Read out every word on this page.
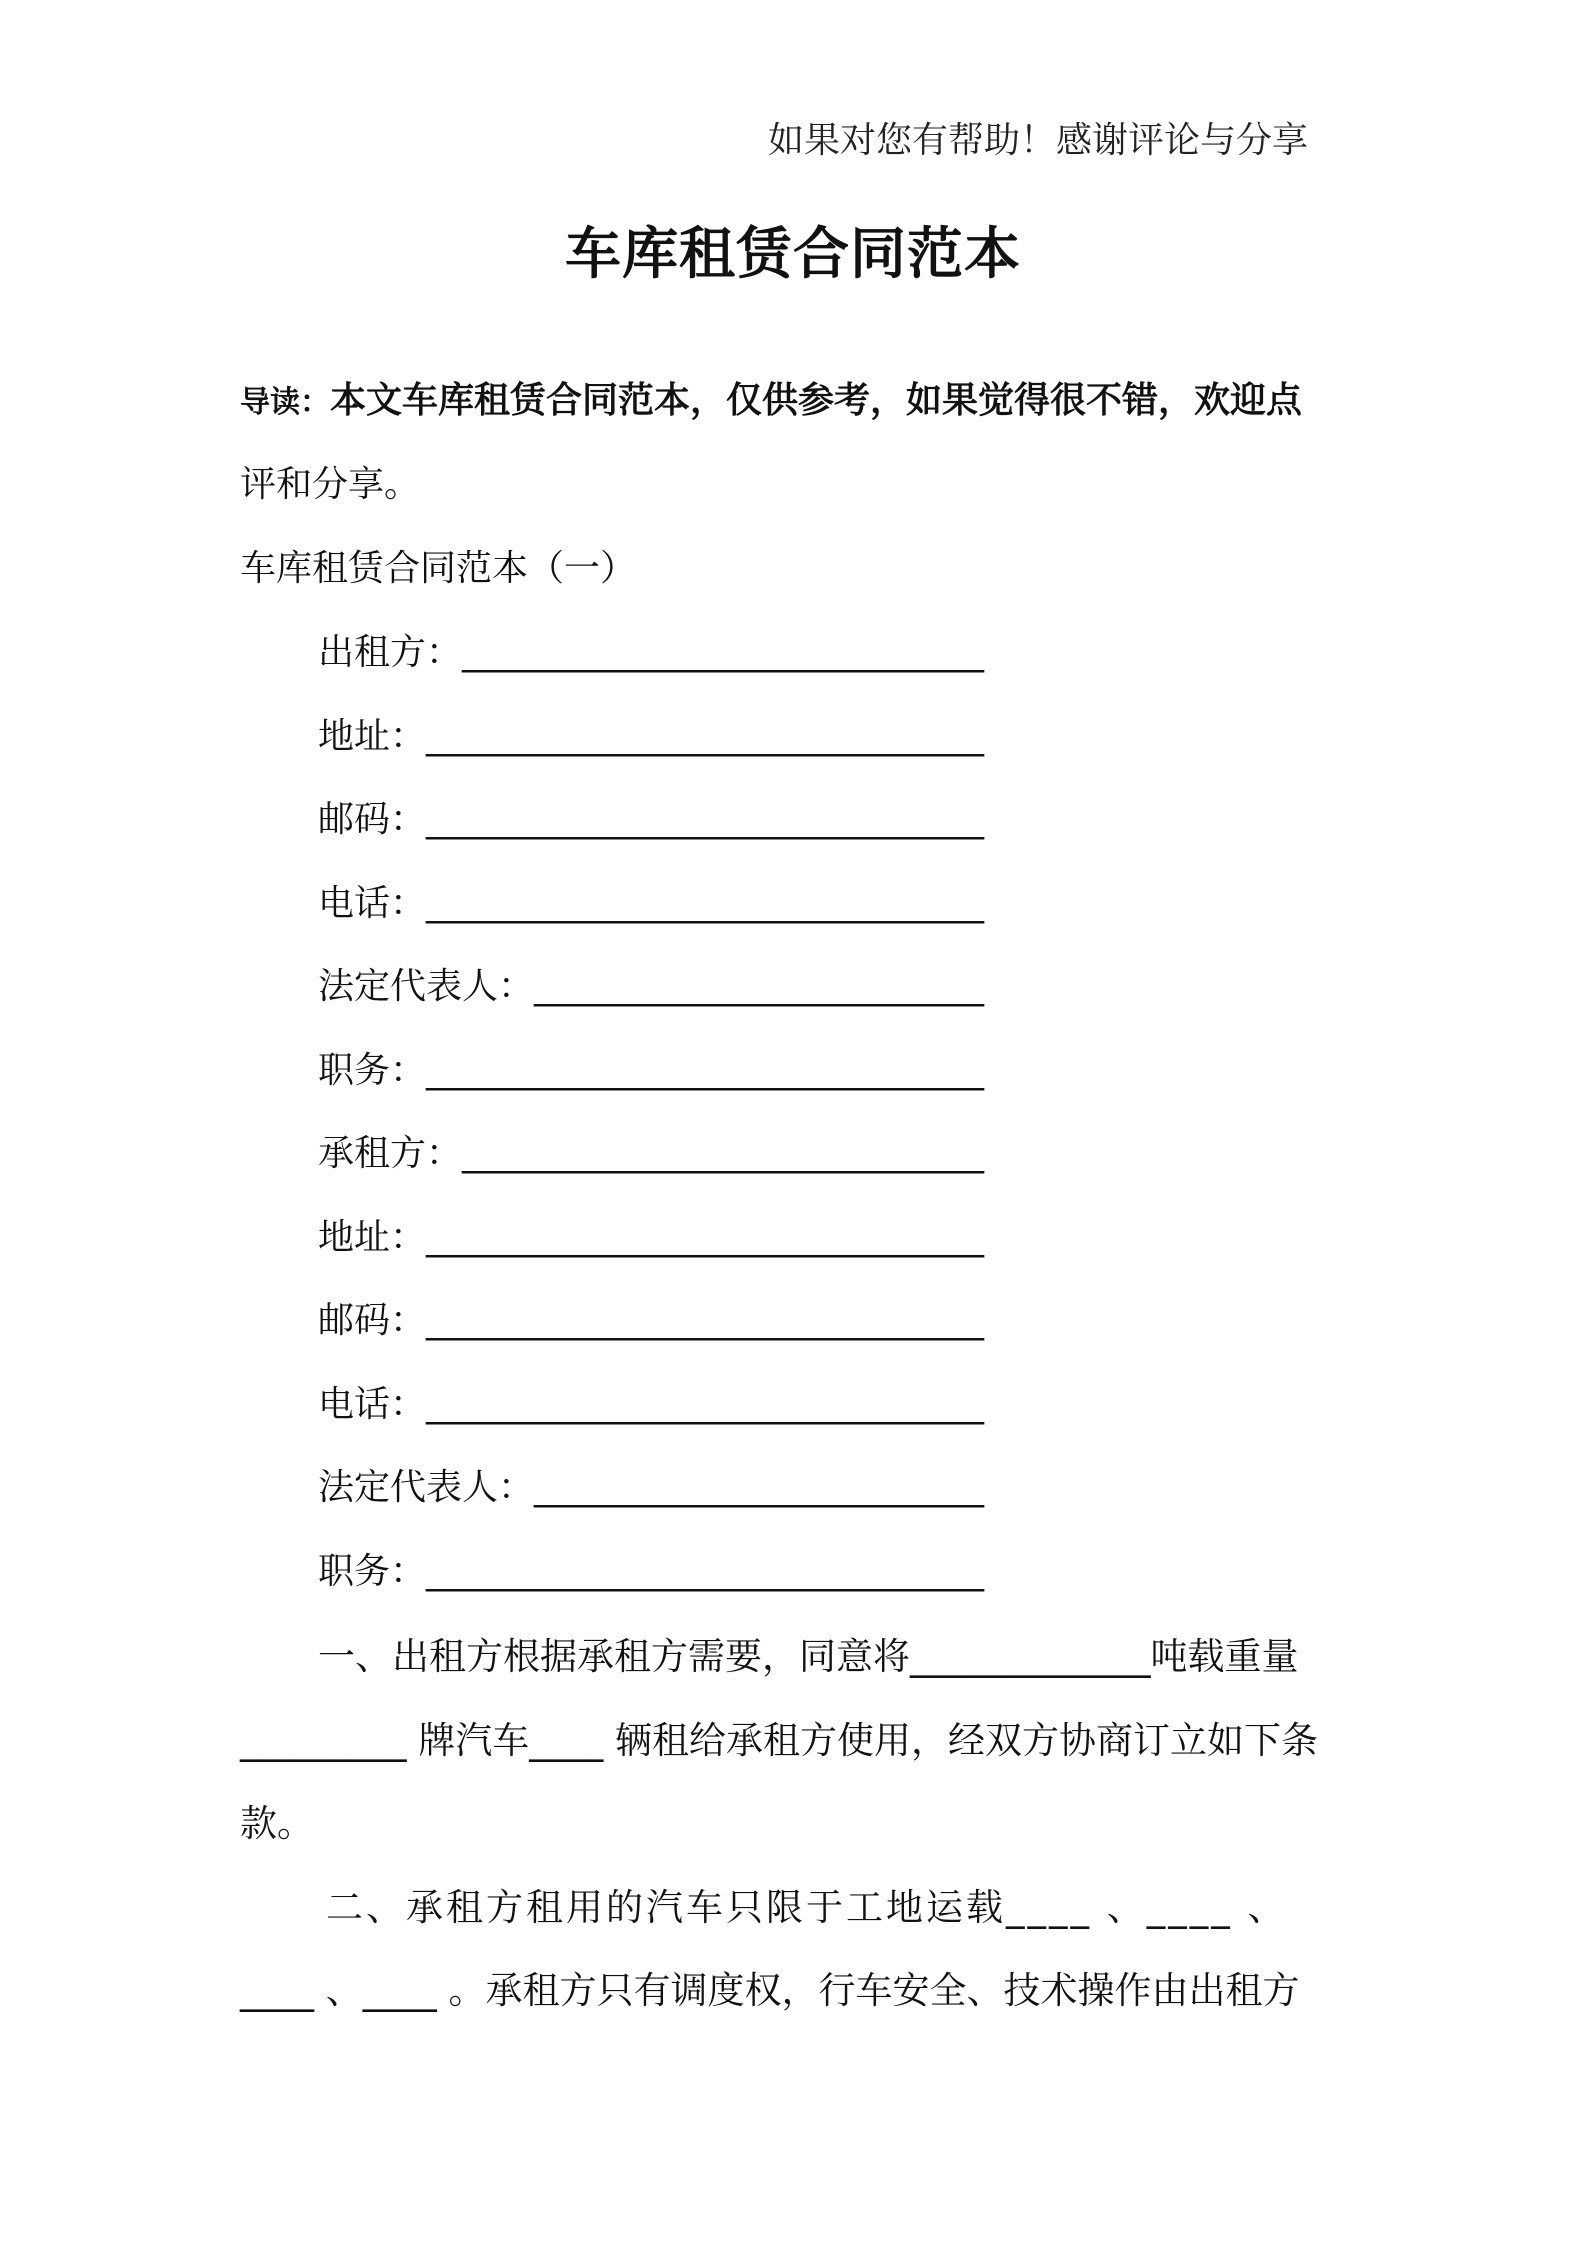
如果对您有帮助！感谢评论与分享
车库租赁合同范本
导读：本文车库租赁合同范本，仅供参考，如果觉得很不错，欢迎点
评和分享。
车库租赁合同范本（一）
出租方：_____________________________
地址：_______________________________
邮码：_______________________________
电话：_______________________________
法定代表人：_________________________
职务：_______________________________
承租方：_____________________________
地址：_______________________________
邮码：_______________________________
电话：_______________________________
法定代表人：_________________________
职务：_______________________________
一、出租方根据承租方需要，同意将_____________吨载重量
_________ 牌汽车____ 辆租给承租方使用，经双方协商订立如下条
款。
二、承租方租用的汽车只限于工地运载____ 、____ 、
____ 、____ 。承租方只有调度权，行车安全、技术操作由出租方
